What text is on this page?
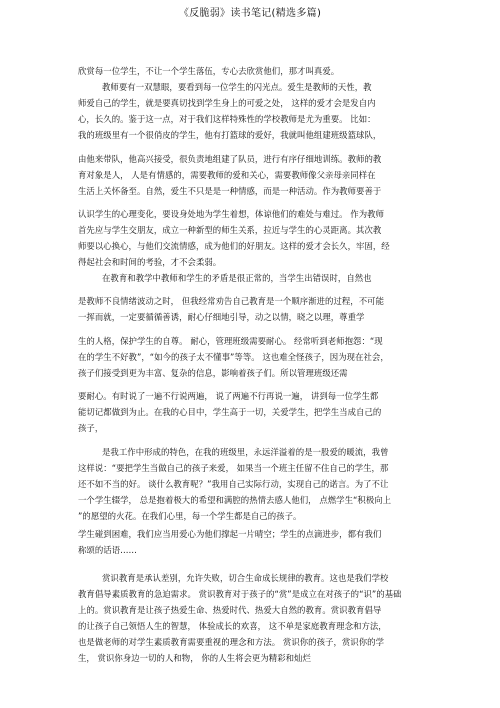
《反脆弱》读书笔记(精选多篇)
欣赏每一位学生，不让一个学生落伍，专心去欣赏他们，那才叫真爱。
教师要有一双慧眼，要看到每一位学生的闪光点。爱生是教师的天性，教
师爱自己的学生，就是要真切找到学生身上的可爱之处， 这样的爱才会是发自内
心，长久的。鉴于这一点，对于我们这样特殊性的学校教师是尤为重要。 比如：
我的班级里有一个很俏皮的学生，他有打篮球的爱好，我就叫他组建班级篮球队，
由他来带队，他高兴接受，很负责地组建了队员，进行有序仔细地训练。教师的教
育对象是人， 人是有情感的，需要教师的爱和关心，需要教师像父亲母亲同样在
生活上关怀备至。自然，爱生不只是是一种情感，而是一种活动。作为教师要善于
认识学生的心理变化，要设身处地为学生着想，体谅他们的难处与难过。 作为教师
首先应与学生交朋友，成立一种新型的师生关系，拉近与学生的心灵距离。其次教
师要以心换心，与他们交流情感，成为他们的好朋友。这样的爱才会长久，牢固，经
得起社会和时间的考验，才不会柔弱。
在教育和教学中教师和学生的矛盾是很正常的，当学生出错误时，自然也
是教师不良情绪波动之时， 但我经常劝告自己教育是一个顺序渐进的过程，不可能
一挥而就，一定要循循善诱，耐心仔细地引导，动之以情，晓之以理，尊重学
生的人格，保护学生的自尊。 耐心，管理班级需要耐心。 经常听到老师抱怨：“现
在的学生不好教”，“如今的孩子太不懂事”等等。 这也难全怪孩子，因为现在社会，
孩子们接受到更为丰富、复杂的信息，影响着孩子们。所以管理班级还需
要耐心。有时说了一遍不行说两遍， 说了两遍不行再说一遍， 讲到每一位学生都
能切记都做到为止。在我的心目中，学生高于一切，关爱学生，把学生当成自己的
孩子，
是我工作中形成的特色，在我的班级里，永远洋溢着的是一股爱的暖流，我曾
这样说：“要把学生当做自己的孩子来爱， 如果当一个班主任留不住自己的学生，那
还不如不当的好。 谈什么教育呢？”我用自己实际行动，实现自己的诺言。为了不让
一个学生辍学， 总是抱着极大的希望和满腔的热情去感人他们， 点燃学生“积极向上
”的愿望的火花。在我们心里，每一个学生都是自己的孩子。
学生碰到困难，我们应当用爱心为他们撑起一片晴空；学生的点滴进步，都有我们
称颂的话语……
赏识教育是承认差别，允许失败，切合生命成长规律的教育。这也是我们学校
教育倡导素质教育的急迫需求。 赏识教育对于孩子的“赏”是成立在对孩子的“识”的基础
上的。赏识教育是让孩子热爱生命、热爱时代、热爱大自然的教育。赏识教育倡导
的让孩子自己领悟人生的智慧， 体验成长的欢喜， 这不单是家庭教育理念和方法，
也是做老师的对学生素质教育需要重视的理念和方法。 赏识你的孩子，赏识你的学
生， 赏识你身边一切的人和物， 你的人生将会更为精彩和灿烂
